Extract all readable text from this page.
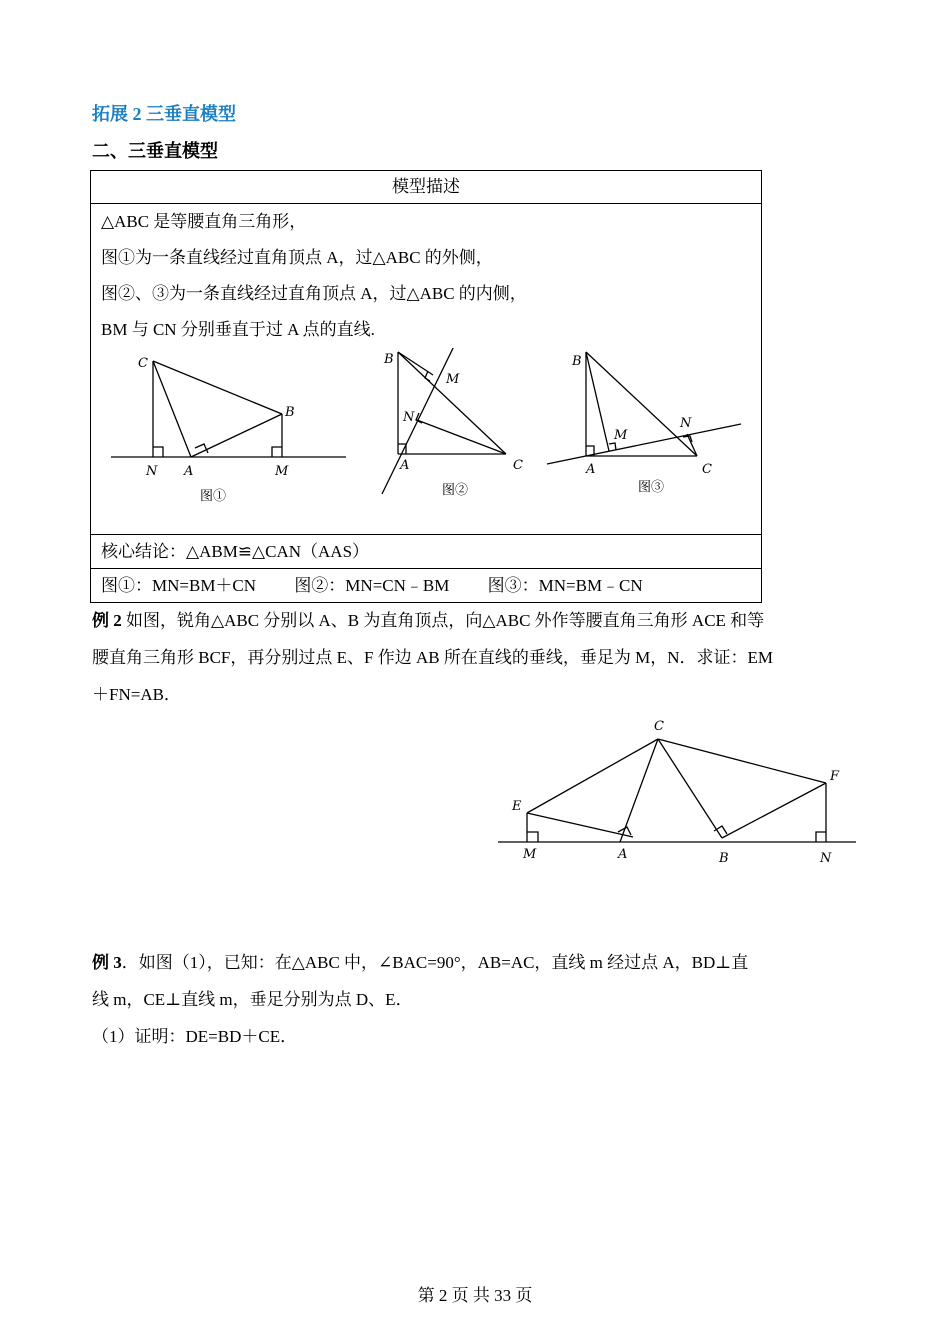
拓展 2 三垂直模型
二、三垂直模型
模型描述

△ABC 是等腰直角三角形，
图①为一条直线经过直角顶点 A，过△ABC 的外侧，
图②、③为一条直线经过直角顶点 A，过△ABC 的内侧，
BM 与 CN 分别垂直于过 A 点的直线.
C
B
N A	M
图①
B
M
N
A	C
图②
B
N
M
A	C
图③

核心结论：△ABM≌△CAN（AAS）
图①：MN=BM＋CN 图②：MN=CN﹣BM 图③：MN=BM﹣CN
例 2 如图，锐角△ABC 分别以 A、B 为直角顶点，向△ABC 外作等腰直角三角形 ACE 和等
腰直角三角形 BCF，再分别过点 E、F 作边 AB 所在直线的垂线，垂足为 M，N．求证：EM
＋FN=AB．
C
E
F
M	A	B	N
例 3．如图（1），已知：在△ABC 中，∠BAC=90°，AB=AC，直线 m 经过点 A，BD⊥直
线 m，CE⊥直线 m，垂足分别为点 D、E．
（1）证明：DE=BD＋CE．
第 2 页 共 33 页
